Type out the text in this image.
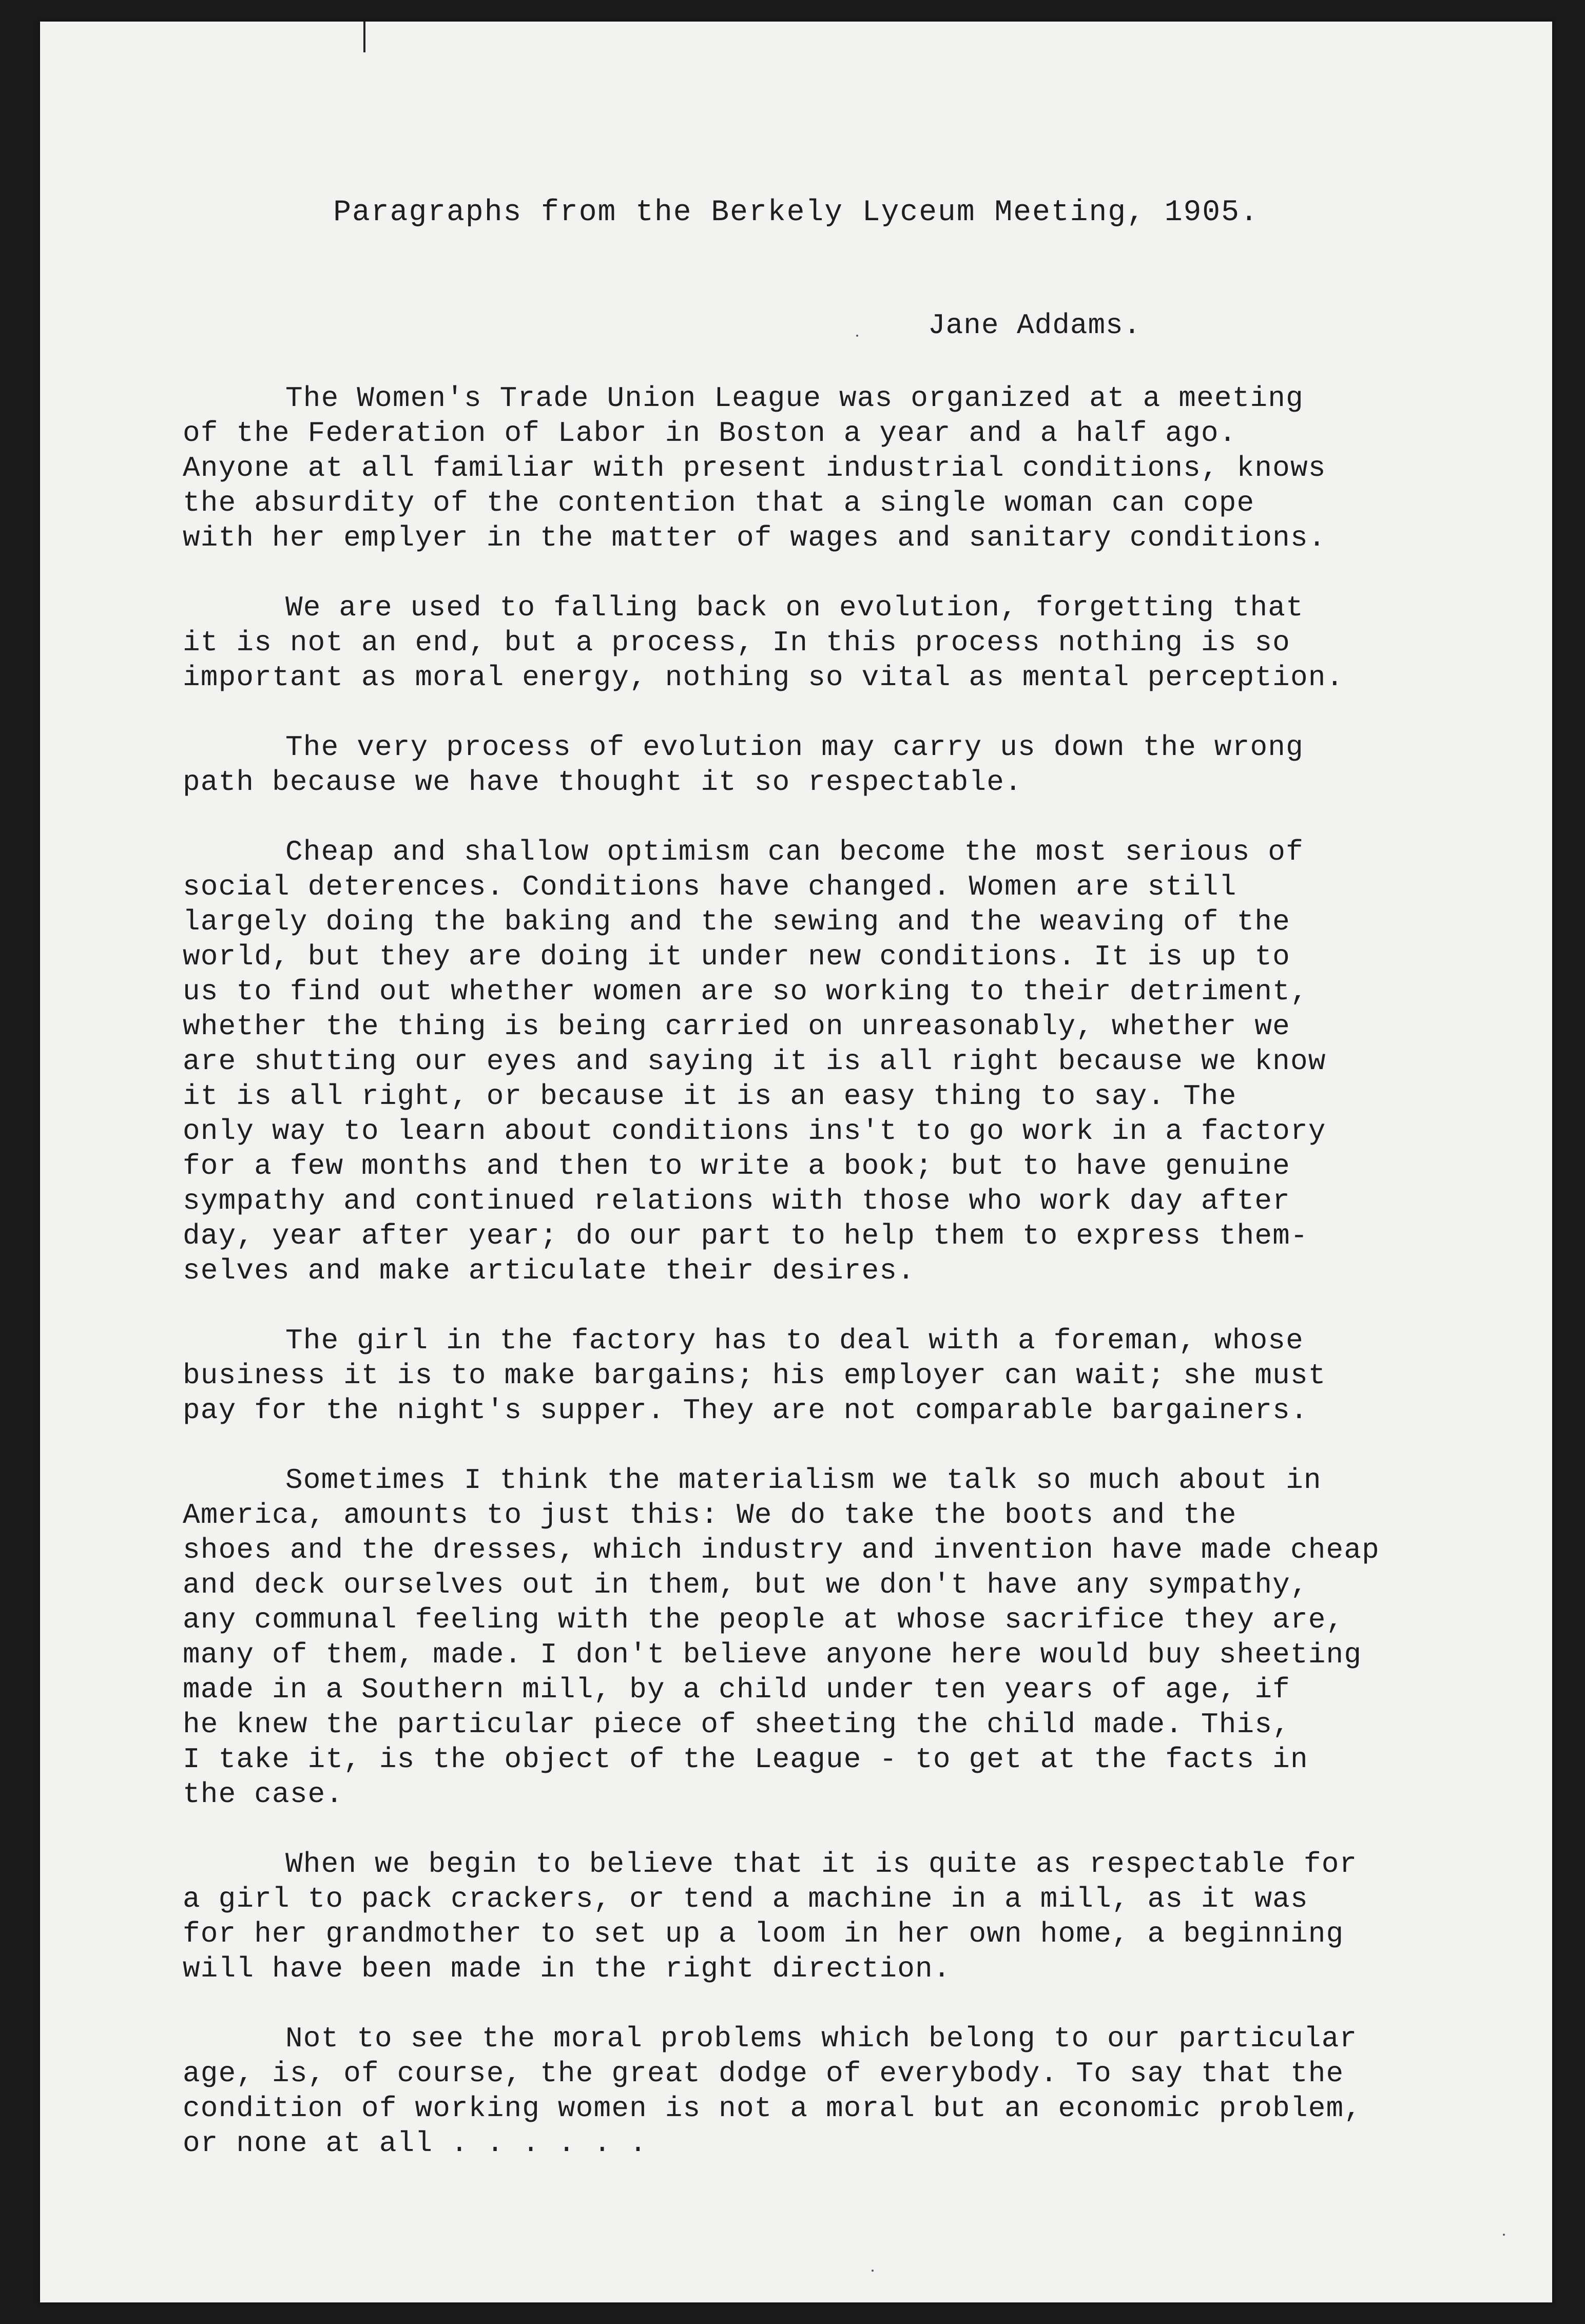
Paragraphs from the Berkely Lyceum Meeting, 1905.
Jane Addams.

The Women's Trade Union League was organized at a meeting
of the Federation of Labor in Boston a year and a half ago.
Anyone at all familiar with present industrial conditions, knows
the absurdity of the contention that a single woman can cope
with her emplyer in the matter of wages and sanitary conditions.

We are used to falling back on evolution, forgetting that
it is not an end, but a process, In this process nothing is so
important as moral energy, nothing so vital as mental perception.

The very process of evolution may carry us down the wrong
path because we have thought it so respectable.

Cheap and shallow optimism can become the most serious of
social deterences. Conditions have changed. Women are still
largely doing the baking and the sewing and the weaving of the
world, but they are doing it under new conditions. It is up to
us to find out whether women are so working to their detriment,
whether the thing is being carried on unreasonably, whether we
are shutting our eyes and saying it is all right because we know
it is all right, or because it is an easy thing to say. The
only way to learn about conditions ins't to go work in a factory
for a few months and then to write a book; but to have genuine
sympathy and continued relations with those who work day after
day, year after year; do our part to help them to express them-
selves and make articulate their desires.

The girl in the factory has to deal with a foreman, whose
business it is to make bargains; his employer can wait; she must
pay for the night's supper. They are not comparable bargainers.

Sometimes I think the materialism we talk so much about in
America, amounts to just this: We do take the boots and the
shoes and the dresses, which industry and invention have made cheap
and deck ourselves out in them, but we don't have any sympathy,
any communal feeling with the people at whose sacrifice they are,
many of them, made. I don't believe anyone here would buy sheeting
made in a Southern mill, by a child under ten years of age, if
he knew the particular piece of sheeting the child made. This,
I take it, is the object of the League - to get at the facts in
the case.

When we begin to believe that it is quite as respectable for
a girl to pack crackers, or tend a machine in a mill, as it was
for her grandmother to set up a loom in her own home, a beginning
will have been made in the right direction.

Not to see the moral problems which belong to our particular
age, is, of course, the great dodge of everybody. To say that the
condition of working women is not a moral but an economic problem,
or none at all . . . . . .
